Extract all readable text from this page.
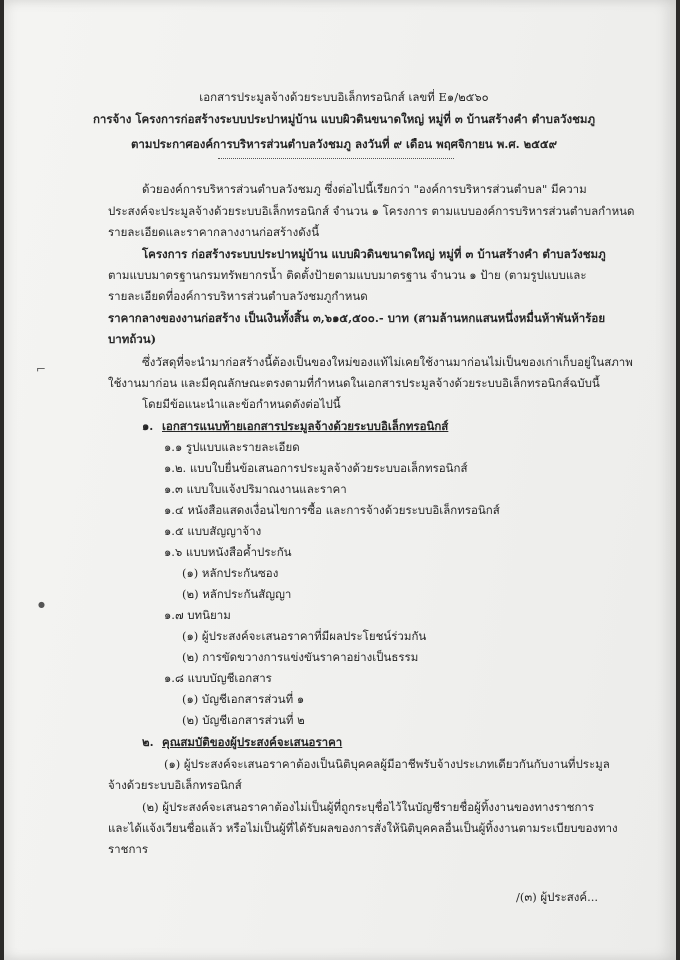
เอกสารประมูลจ้างด้วยระบบอิเล็กทรอนิกส์ เลขที่ E๑/๒๕๖๐
การจ้าง โครงการก่อสร้างระบบประปาหมู่บ้าน แบบผิวดินขนาดใหญ่ หมู่ที่ ๓ บ้านสร้างคำ ตำบลวังชมภู
ตามประกาศองค์การบริหารส่วนตำบลวังชมภู ลงวันที่ ๙ เดือน พฤศจิกายน พ.ศ. ๒๕๕๙
ด้วยองค์การบริหารส่วนตำบลวังชมภู ซึ่งต่อไปนี้เรียกว่า "องค์การบริหารส่วนตำบล" มีความ
ประสงค์จะประมูลจ้างด้วยระบบอิเล็กทรอนิกส์ จำนวน ๑ โครงการ ตามแบบองค์การบริหารส่วนตำบลกำหนด
รายละเอียดและราคากลางงานก่อสร้างดังนี้
โครงการ ก่อสร้างระบบประปาหมู่บ้าน แบบผิวดินขนาดใหญ่ หมู่ที่ ๓ บ้านสร้างคำ ตำบลวังชมภู
ตามแบบมาตรฐานกรมทรัพยากรน้ำ ติดตั้งป้ายตามแบบมาตรฐาน จำนวน ๑ ป้าย (ตามรูปแบบและ
รายละเอียดที่องค์การบริหารส่วนตำบลวังชมภูกำหนด
ราคากลางของงานก่อสร้าง เป็นเงินทั้งสิ้น ๓,๖๑๕,๕๐๐.- บาท (สามล้านหกแสนหนึ่งหมื่นห้าพันห้าร้อย
บาทถ้วน)
ซึ่งวัสดุที่จะนำมาก่อสร้างนี้ต้องเป็นของใหม่ของแท้ไม่เคยใช้งานมาก่อนไม่เป็นของเก่าเก็บอยู่ในสภาพ
ใช้งานมาก่อน และมีคุณลักษณะตรงตามที่กำหนดในเอกสารประมูลจ้างด้วยระบบอิเล็กทรอนิกส์ฉบับนี้
โดยมีข้อแนะนำและข้อกำหนดดังต่อไปนี้
๑. เอกสารแนบท้ายเอกสารประมูลจ้างด้วยระบบอิเล็กทรอนิกส์
๑.๑ รูปแบบและรายละเอียด
๑.๒. แบบใบยื่นข้อเสนอการประมูลจ้างด้วยระบบอเล็กทรอนิกส์
๑.๓ แบบใบแจ้งปริมาณงานและราคา
๑.๔ หนังสือแสดงเงื่อนไขการซื้อ และการจ้างด้วยระบบอิเล็กทรอนิกส์
๑.๕ แบบสัญญาจ้าง
๑.๖ แบบหนังสือค้ำประกัน
(๑) หลักประกันซอง
(๒) หลักประกันสัญญา
๑.๗ บทนิยาม
(๑) ผู้ประสงค์จะเสนอราคาที่มีผลประโยชน์ร่วมกัน
(๒) การขัดขวางการแข่งขันราคาอย่างเป็นธรรม
๑.๘ แบบบัญชีเอกสาร
(๑) บัญชีเอกสารส่วนที่ ๑
(๒) บัญชีเอกสารส่วนที่ ๒
๒. คุณสมบัติของผู้ประสงค์จะเสนอราคา
(๑) ผู้ประสงค์จะเสนอราคาต้องเป็นนิติบุคคลผู้มีอาชีพรับจ้างประเภทเดียวกันกับงานที่ประมูล
จ้างด้วยระบบอิเล็กทรอนิกส์
(๒) ผู้ประสงค์จะเสนอราคาต้องไม่เป็นผู้ที่ถูกระบุชื่อไว้ในบัญชีรายชื่อผู้ทิ้งงานของทางราชการ
และได้แจ้งเวียนชื่อแล้ว หรือไม่เป็นผู้ที่ได้รับผลของการสั่งให้นิติบุคคลอื่นเป็นผู้ทิ้งงานตามระเบียบของทาง
ราชการ
/(๓) ผู้ประสงค์...
⌐
●
